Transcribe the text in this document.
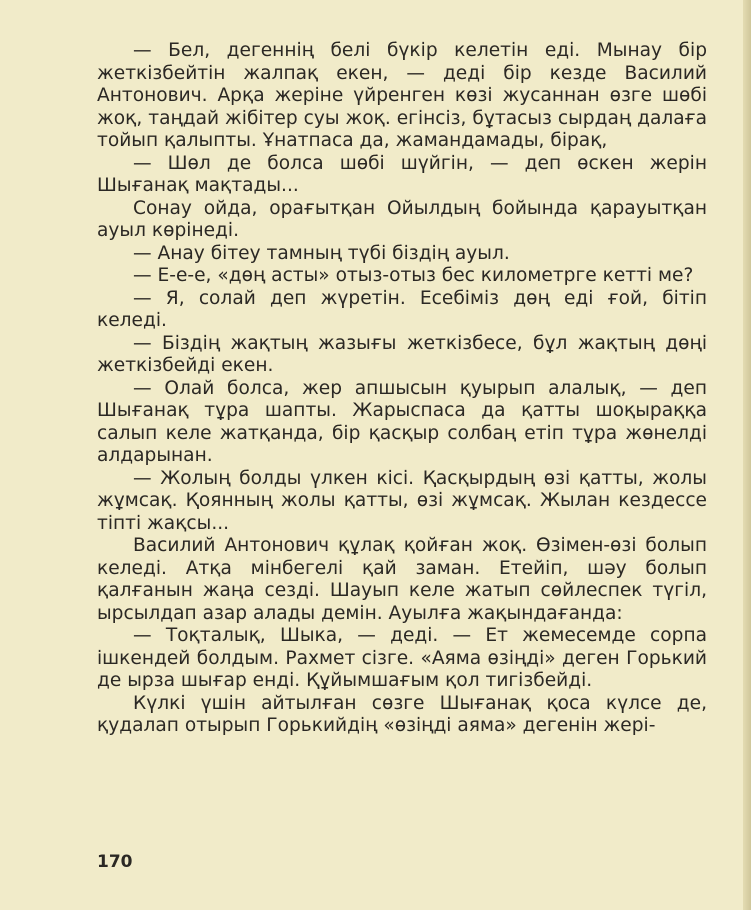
— Бел, дегеннің белі бүкір келетін еді. Мынау бір жеткізбейтін жалпақ екен, — деді бір кезде Василий Антонович. Арқа жеріне үйренген көзі жусаннан өзге шөбі жоқ, таңдай жібітер суы жоқ. егінсіз, бұтасыз сырдаң далаға тойып қалыпты. Ұнатпаса да, жамандамады, бірақ,

— Шөл де болса шөбі шүйгін, — деп өскен жерін Шығанақ мақтады...

Сонау ойда, орағытқан Ойылдың бойында қарауытқан ауыл көрінеді.

— Анау бітеу тамның түбі біздің ауыл.

— Е-е-е, «дөң асты» отыз-отыз бес километрге кетті ме?

— Я, солай деп жүретін. Есебіміз дөң еді ғой, бітіп келеді.

— Біздің жақтың жазығы жеткізбесе, бұл жақтың дөңі жеткізбейді екен.

— Олай болса, жер апшысын қуырып алалық, — деп Шығанақ тұра шапты. Жарыспаса да қатты шоқыраққа салып келе жатқанда, бір қасқыр солбаң етіп тұра жөнелді алдарынан.

— Жолың болды үлкен кісі. Қасқырдың өзі қатты, жолы жұмсақ. Қоянның жолы қатты, өзі жұмсақ. Жылан кездессе тіпті жақсы...

Василий Антонович құлақ қойған жоқ. Өзімен-өзі болып келеді. Атқа мінбегелі қай заман. Етейіп, шәу болып қалғанын жаңа сезді. Шауып келе жатып сөйлеспек түгіл, ырсылдап азар алады демін. Ауылға жақындағанда:

— Тоқталық, Шыка, — деді. — Ет жемесемде сорпа ішкендей болдым. Рахмет сізге. «Аяма өзіңді» деген Горький де ырза шығар енді. Құйымшағым қол тигізбейді.

Күлкі үшін айтылған сөзге Шығанақ қоса күлсе де, қудалап отырып Горькийдің «өзіңді аяма» дегенін жері-

170
